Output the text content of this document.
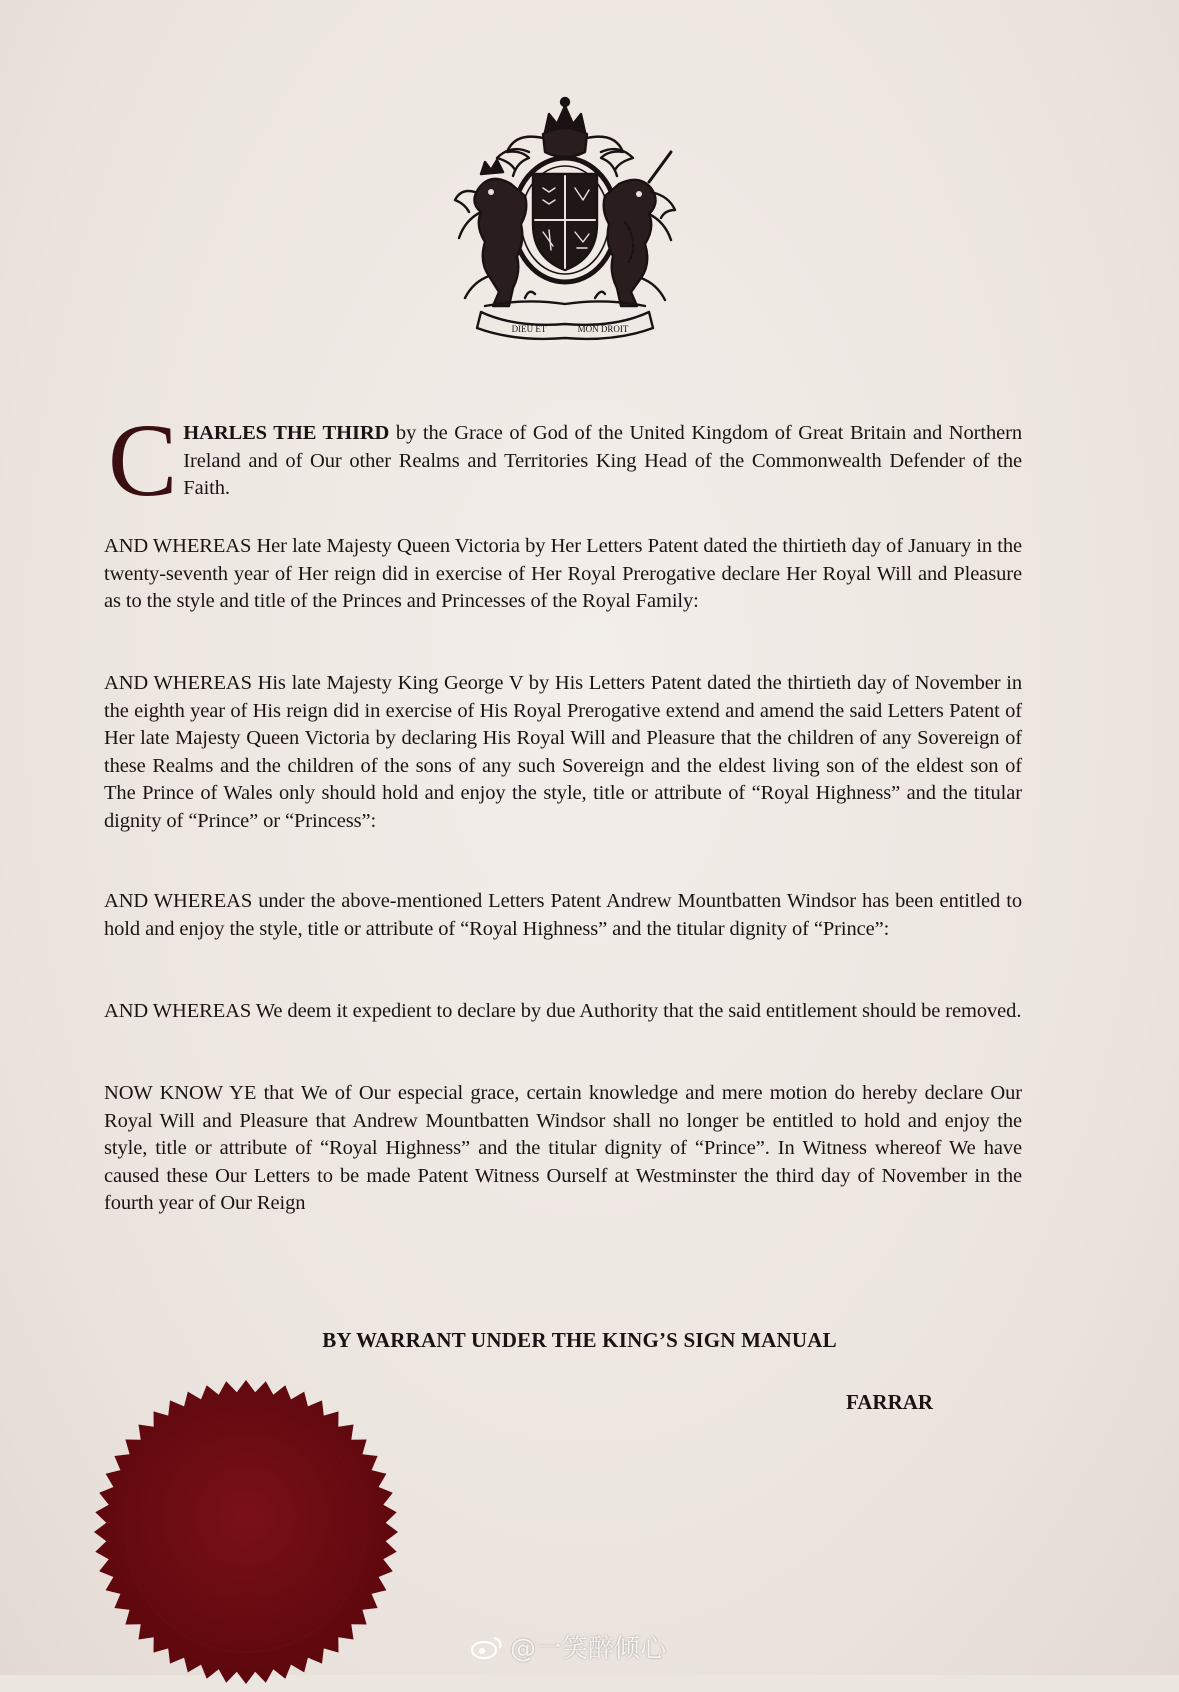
DIEU ET	MON DROIT
C HARLES THE THIRD by the Grace of God of the United Kingdom of Great Britain and Northern Ireland and of Our other Realms and Territories King Head of the Commonwealth Defender of the Faith.
AND WHEREAS Her late Majesty Queen Victoria by Her Letters Patent dated the thirtieth day of January in the twenty-seventh year of Her reign did in exercise of Her Royal Prerogative declare Her Royal Will and Pleasure as to the style and title of the Princes and Princesses of the Royal Family:
AND WHEREAS His late Majesty King George V by His Letters Patent dated the thirtieth day of November in the eighth year of His reign did in exercise of His Royal Prerogative extend and amend the said Letters Patent of Her late Majesty Queen Victoria by declaring His Royal Will and Pleasure that the children of any Sovereign of these Realms and the children of the sons of any such Sovereign and the eldest living son of the eldest son of The Prince of Wales only should hold and enjoy the style, title or attribute of “Royal Highness” and the titular dignity of “Prince” or “Princess”:
AND WHEREAS under the above-mentioned Letters Patent Andrew Mountbatten Windsor has been entitled to hold and enjoy the style, title or attribute of “Royal Highness” and the titular dignity of “Prince”:
AND WHEREAS We deem it expedient to declare by due Authority that the said entitlement should be removed.
NOW KNOW YE that We of Our especial grace, certain knowledge and mere motion do hereby declare Our Royal Will and Pleasure that Andrew Mountbatten Windsor shall no longer be entitled to hold and enjoy the style, title or attribute of “Royal Highness” and the titular dignity of “Prince”. In Witness whereof We have caused these Our Letters to be made Patent Witness Ourself at Westminster the third day of November in the fourth year of Our Reign
BY WARRANT UNDER THE KING’S SIGN MANUAL
FARRAR
@一笑醉倾心
